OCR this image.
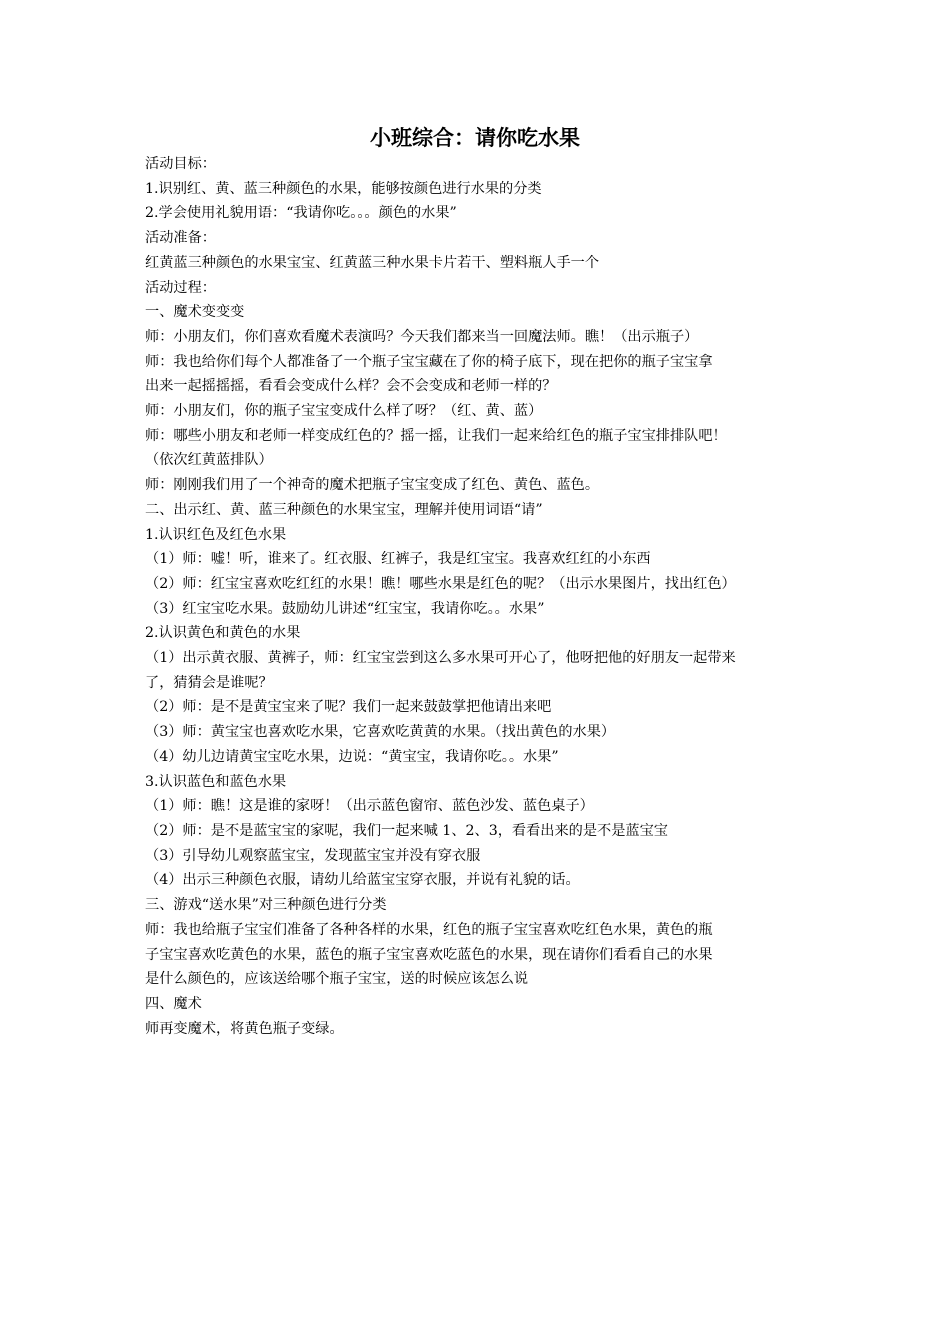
小班综合：请你吃水果
活动目标：
1.识别红、黄、蓝三种颜色的水果，能够按颜色进行水果的分类
2.学会使用礼貌用语：“我请你吃。。。颜色的水果”
活动准备：
红黄蓝三种颜色的水果宝宝、红黄蓝三种水果卡片若干、塑料瓶人手一个
活动过程：
一、魔术变变变
师：小朋友们，你们喜欢看魔术表演吗？今天我们都来当一回魔法师。瞧！（出示瓶子）
师：我也给你们每个人都准备了一个瓶子宝宝藏在了你的椅子底下，现在把你的瓶子宝宝拿
出来一起摇摇摇，看看会变成什么样？会不会变成和老师一样的？
师：小朋友们，你的瓶子宝宝变成什么样了呀？（红、黄、蓝）
师：哪些小朋友和老师一样变成红色的？摇一摇，让我们一起来给红色的瓶子宝宝排排队吧！
（依次红黄蓝排队）
师：刚刚我们用了一个神奇的魔术把瓶子宝宝变成了红色、黄色、蓝色。
二、出示红、黄、蓝三种颜色的水果宝宝，理解并使用词语“请”
1.认识红色及红色水果
（1）师：嘘！听，谁来了。红衣服、红裤子，我是红宝宝。我喜欢红红的小东西
（2）师：红宝宝喜欢吃红红的水果！瞧！哪些水果是红色的呢？（出示水果图片，找出红色）
（3）红宝宝吃水果。鼓励幼儿讲述“红宝宝，我请你吃。。水果”
2.认识黄色和黄色的水果
（1）出示黄衣服、黄裤子，师：红宝宝尝到这么多水果可开心了，他呀把他的好朋友一起带来
了，猜猜会是谁呢？
（2）师：是不是黄宝宝来了呢？我们一起来鼓鼓掌把他请出来吧
（3）师：黄宝宝也喜欢吃水果，它喜欢吃黄黄的水果。（找出黄色的水果）
（4）幼儿边请黄宝宝吃水果，边说：“黄宝宝，我请你吃。。水果”
3.认识蓝色和蓝色水果
（1）师：瞧！这是谁的家呀！（出示蓝色窗帘、蓝色沙发、蓝色桌子）
（2）师：是不是蓝宝宝的家呢，我们一起来喊 1、2、3，看看出来的是不是蓝宝宝
（3）引导幼儿观察蓝宝宝，发现蓝宝宝并没有穿衣服
（4）出示三种颜色衣服，请幼儿给蓝宝宝穿衣服，并说有礼貌的话。
三、游戏“送水果”对三种颜色进行分类
师：我也给瓶子宝宝们准备了各种各样的水果，红色的瓶子宝宝喜欢吃红色水果，黄色的瓶
子宝宝喜欢吃黄色的水果，蓝色的瓶子宝宝喜欢吃蓝色的水果，现在请你们看看自己的水果
是什么颜色的，应该送给哪个瓶子宝宝，送的时候应该怎么说
四、魔术
师再变魔术，将黄色瓶子变绿。
